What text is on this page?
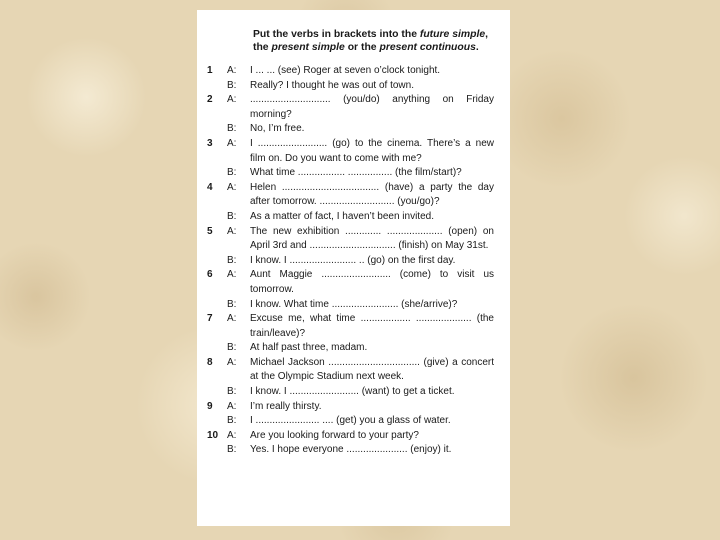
Put the verbs in brackets into the future simple, the present simple or the present continuous.
1	A:	I ... ... (see) Roger at seven o’clock tonight.
B:	Really? I thought he was out of town.
2	A:	............................. (you/do) anything on Friday morning?
B:	No, I’m free.
3	A:	I ......................... (go) to the cinema. There’s a new film on. Do you want to come with me?
B:	What time ................. ................ (the film/start)?
4	A:	Helen ................................... (have) a party the day after tomorrow. ........................... (you/go)?
B:	As a matter of fact, I haven’t been invited.
5	A:	The new exhibition ............. .................... (open) on April 3rd and ............................... (finish) on May 31st.
B:	I know. I ........................ .. (go) on the first day.
6	A:	Aunt Maggie ......................... (come) to visit us tomorrow.
B:	I know. What time ........................ (she/arrive)?
7	A:	Excuse me, what time .................. .................... (the train/leave)?
B:	At half past three, madam.
8	A:	Michael Jackson ................................. (give) a concert at the Olympic Stadium next week.
B:	I know. I ......................... (want) to get a ticket.
9	A:	I’m really thirsty.
B:	I ....................... .... (get) you a glass of water.
10 A:	Are you looking forward to your party?
B:	Yes. I hope everyone ...................... (enjoy) it.
